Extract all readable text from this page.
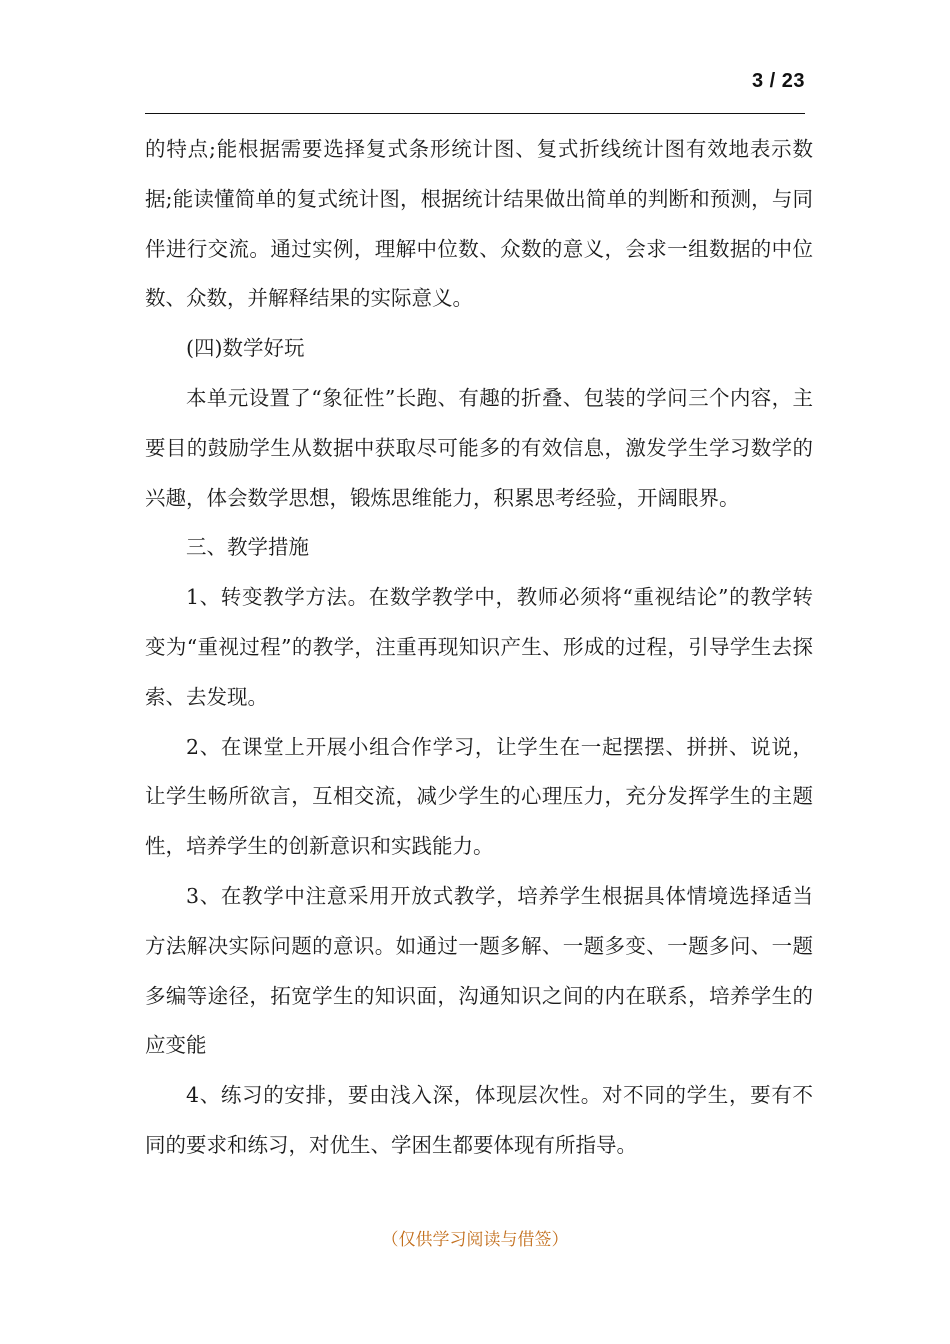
3 / 23

的特点;能根据需要选择复式条形统计图、复式折线统计图有效地表示数据;能读懂简单的复式统计图，根据统计结果做出简单的判断和预测，与同伴进行交流。通过实例，理解中位数、众数的意义，会求一组数据的中位数、众数，并解释结果的实际意义。

(四)数学好玩

本单元设置了“象征性”长跑、有趣的折叠、包装的学问三个内容，主要目的鼓励学生从数据中获取尽可能多的有效信息，激发学生学习数学的兴趣，体会数学思想，锻炼思维能力，积累思考经验，开阔眼界。

三、教学措施

1、转变教学方法。在数学教学中，教师必须将“重视结论”的教学转变为“重视过程”的教学，注重再现知识产生、形成的过程，引导学生去探索、去发现。

2、在课堂上开展小组合作学习，让学生在一起摆摆、拼拼、说说，让学生畅所欲言，互相交流，减少学生的心理压力，充分发挥学生的主题性，培养学生的创新意识和实践能力。

3、在教学中注意采用开放式教学，培养学生根据具体情境选择适当方法解决实际问题的意识。如通过一题多解、一题多变、一题多问、一题多编等途径，拓宽学生的知识面，沟通知识之间的内在联系，培养学生的应变能

4、练习的安排，要由浅入深，体现层次性。对不同的学生，要有不同的要求和练习，对优生、学困生都要体现有所指导。

（仅供学习阅读与借签）
